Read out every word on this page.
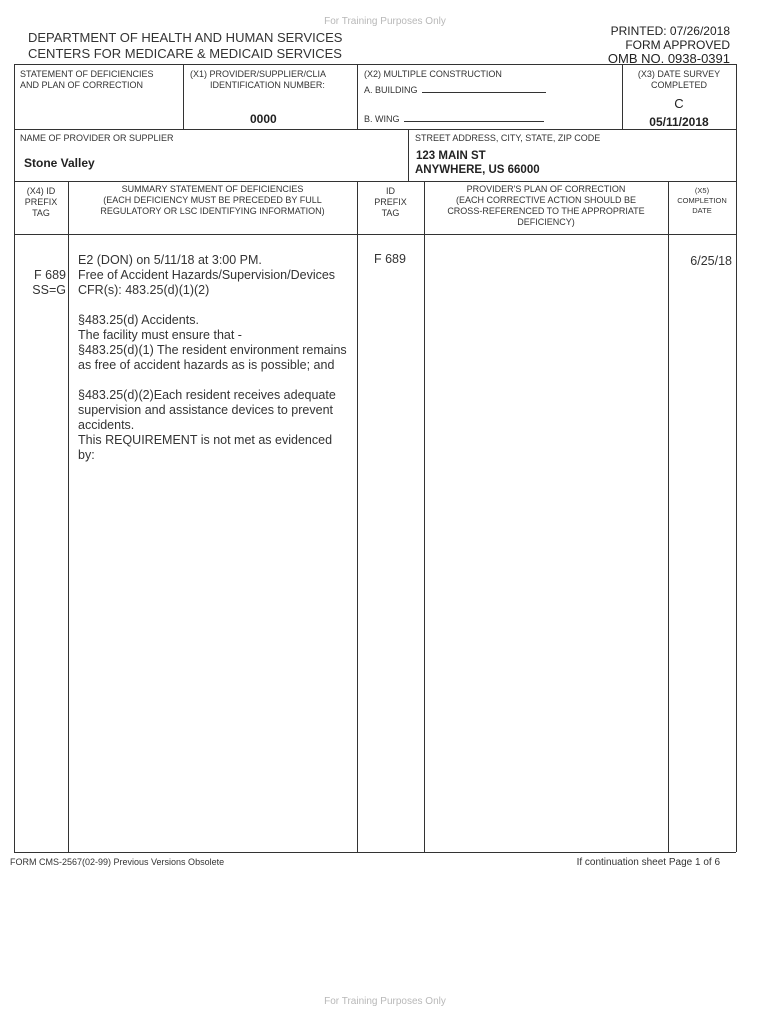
For Training Purposes Only
For Training Purposes Only
DEPARTMENT OF HEALTH AND HUMAN SERVICES
CENTERS FOR MEDICARE & MEDICAID SERVICES
PRINTED: 07/26/2018
FORM APPROVED
OMB NO. 0938-0391
STATEMENT OF DEFICIENCIES
AND PLAN OF CORRECTION
(X1) PROVIDER/SUPPLIER/CLIA
IDENTIFICATION NUMBER:
0000
(X2) MULTIPLE CONSTRUCTION
A. BUILDING
B. WING
(X3) DATE SURVEY
COMPLETED
C
05/11/2018
NAME OF PROVIDER OR SUPPLIER
Stone Valley
STREET ADDRESS, CITY, STATE, ZIP CODE
123 MAIN ST
ANYWHERE, US 66000
(X4) ID
PREFIX
TAG
SUMMARY STATEMENT OF DEFICIENCIES
(EACH DEFICIENCY MUST BE PRECEDED BY FULL
REGULATORY OR LSC IDENTIFYING INFORMATION)
ID
PREFIX
TAG
PROVIDER'S PLAN OF CORRECTION
(EACH CORRECTIVE ACTION SHOULD BE
CROSS-REFERENCED TO THE APPROPRIATE
DEFICIENCY)
(X5)
COMPLETION
DATE
F 689
SS=G
E2 (DON) on 5/11/18 at 3:00 PM.
Free of Accident Hazards/Supervision/Devices
CFR(s): 483.25(d)(1)(2)
§483.25(d) Accidents.
The facility must ensure that -
§483.25(d)(1) The resident environment remains
as free of accident hazards as is possible; and
§483.25(d)(2)Each resident receives adequate
supervision and assistance devices to prevent
accidents.
This REQUIREMENT is not met as evidenced
by:
F 689	6/25/18
FORM CMS-2567(02-99) Previous Versions Obsolete	If continuation sheet Page 1 of 6
